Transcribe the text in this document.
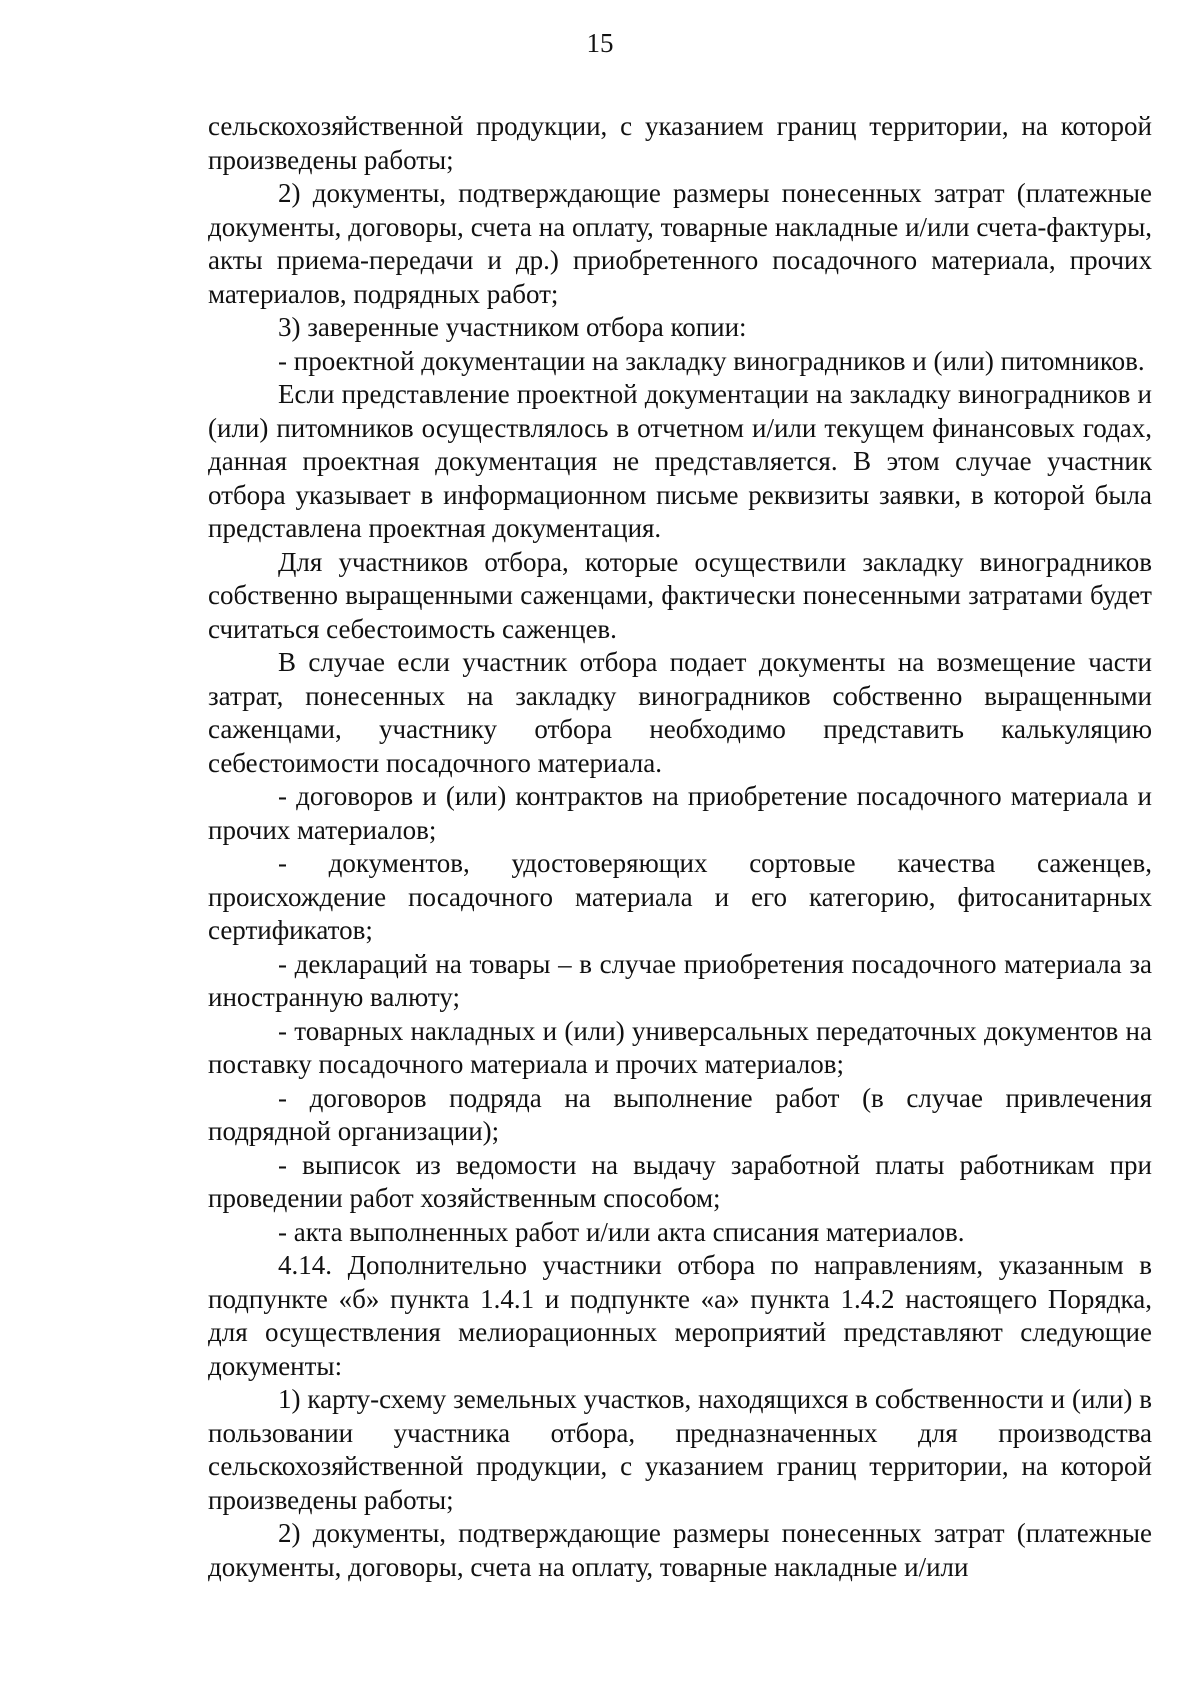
15

сельскохозяйственной продукции, с указанием границ территории, на которой произведены работы;

2) документы, подтверждающие размеры понесенных затрат (платежные документы, договоры, счета на оплату, товарные накладные и/или счета-фактуры, акты приема-передачи и др.) приобретенного посадочного материала, прочих материалов, подрядных работ;

3) заверенные участником отбора копии:

- проектной документации на закладку виноградников и (или) питомников.

Если представление проектной документации на закладку виноградников и (или) питомников осуществлялось в отчетном и/или текущем финансовых годах, данная проектная документация не представляется. В этом случае участник отбора указывает в информационном письме реквизиты заявки, в которой была представлена проектная документация.

Для участников отбора, которые осуществили закладку виноградников собственно выращенными саженцами, фактически понесенными затратами будет считаться себестоимость саженцев.

В случае если участник отбора подает документы на возмещение части затрат, понесенных на закладку виноградников собственно выращенными саженцами, участнику отбора необходимо представить калькуляцию себестоимости посадочного материала.

- договоров и (или) контрактов на приобретение посадочного материала и прочих материалов;

- документов, удостоверяющих сортовые качества саженцев, происхождение посадочного материала и его категорию, фитосанитарных сертификатов;

- деклараций на товары – в случае приобретения посадочного материала за иностранную валюту;

- товарных накладных и (или) универсальных передаточных документов на поставку посадочного материала и прочих материалов;

- договоров подряда на выполнение работ (в случае привлечения подрядной организации);

- выписок из ведомости на выдачу заработной платы работникам при проведении работ хозяйственным способом;

- акта выполненных работ и/или акта списания материалов.

4.14. Дополнительно участники отбора по направлениям, указанным в подпункте «б» пункта 1.4.1 и подпункте «а» пункта 1.4.2 настоящего Порядка, для осуществления мелиорационных мероприятий представляют следующие документы:

1) карту-схему земельных участков, находящихся в собственности и (или) в пользовании участника отбора, предназначенных для производства сельскохозяйственной продукции, с указанием границ территории, на которой произведены работы;

2) документы, подтверждающие размеры понесенных затрат (платежные документы, договоры, счета на оплату, товарные накладные и/или
